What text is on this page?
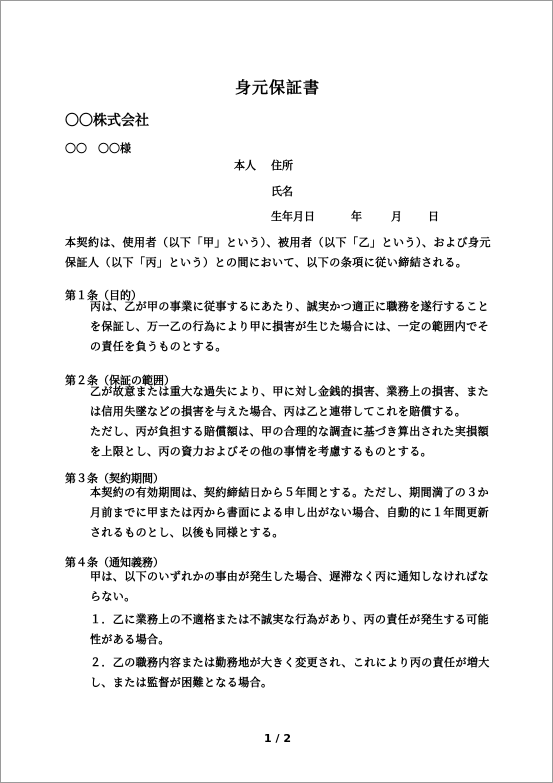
身元保証書
〇〇株式会社
〇〇　〇〇様
本人 住所
氏名
生年月日	年	月 日
本契約は、使用者（以下「甲」という）、被用者（以下「乙」という）、および身元保証人（以下「丙」という）との間において、以下の条項に従い締結される。
第１条（目的）
丙は、乙が甲の事業に従事するにあたり、誠実かつ適正に職務を遂行することを保証し、万一乙の行為により甲に損害が生じた場合には、一定の範囲内でその責任を負うものとする。
第２条（保証の範囲）
乙が故意または重大な過失により、甲に対し金銭的損害、業務上の損害、または信用失墜などの損害を与えた場合、丙は乙と連帯してこれを賠償する。
ただし、丙が負担する賠償額は、甲の合理的な調査に基づき算出された実損額を上限とし、丙の資力およびその他の事情を考慮するものとする。
第３条（契約期間）
本契約の有効期間は、契約締結日から５年間とする。ただし、期間満了の３か月前までに甲または丙から書面による申し出がない場合、自動的に１年間更新されるものとし、以後も同様とする。
第４条（通知義務）
甲は、以下のいずれかの事由が発生した場合、遅滞なく丙に通知しなければならない。
１．乙に業務上の不適格または不誠実な行為があり、丙の責任が発生する可能性がある場合。
２．乙の職務内容または勤務地が大きく変更され、これにより丙の責任が増大し、または監督が困難となる場合。
1 / 2
